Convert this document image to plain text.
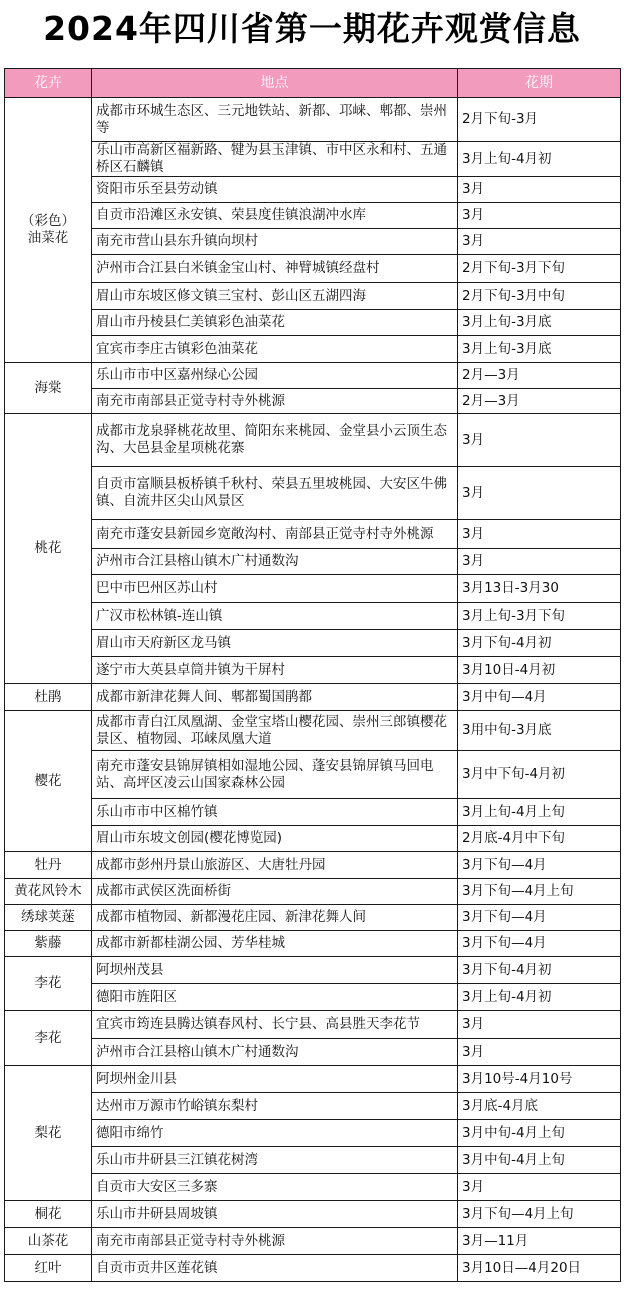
2024年四川省第一期花卉观赏信息
花卉	地点	花期
（彩色）
油菜花	成都市环城生态区、三元地铁站、新都、邛崃、郫都、崇州等	2月下旬-3月
	乐山市高新区福新路、犍为县玉津镇、市中区永和村、五通桥区石麟镇	3月上旬-4月初
	资阳市乐至县劳动镇	3月
	自贡市沿滩区永安镇、荣县度佳镇浪湖冲水库	3月
	南充市营山县东升镇向坝村	3月
	泸州市合江县白米镇金宝山村、神臂城镇经盘村	2月下旬-3月下旬
	眉山市东坡区修文镇三宝村、彭山区五湖四海	2月下旬-3月中旬
	眉山市丹棱县仁美镇彩色油菜花	3月上旬-3月底
	宜宾市李庄古镇彩色油菜花	3月上旬-3月底
海棠	乐山市市中区嘉州绿心公园	2月—3月
	南充市南部县正觉寺村寺外桃源	2月—3月
桃花	成都市龙泉驿桃花故里、简阳东来桃园、金堂县小云顶生态沟、大邑县金星项桃花寨	3月
	自贡市富顺县板桥镇千秋村、荣县五里坡桃园、大安区牛佛镇、自流井区尖山风景区	3月

	南充市蓬安县新园乡宽敞沟村、南部县正觉寺村寺外桃源	3月
	泸州市合江县榕山镇木广村通数沟	3月
	巴中市巴州区苏山村	3月13日-3月30
	广汉市松林镇-连山镇	3月上旬-3月下旬
	眉山市天府新区龙马镇	3月下旬-4月初
	遂宁市大英县卓筒井镇为干屏村	3月10日-4月初
杜鹃	成都市新津花舞人间、郫都蜀国鹃都	3月中旬—4月
樱花	成都市青白江凤凰湖、金堂宝塔山樱花园、崇州三郎镇樱花景区、植物园、邛崃凤凰大道	3用中旬-3月底
	南充市蓬安县锦屏镇相如湿地公园、蓬安县锦屏镇马回电站、高坪区凌云山国家森林公园	3月中下旬-4月初
	乐山市市中区棉竹镇	3月上旬-4月上旬
	眉山市东坡文创园(樱花博览园)	2月底-4月中下旬
牡丹	成都市彭州丹景山旅游区、大唐牡丹园	3月下旬—4月
黄花风铃木	成都市武侯区洗面桥街	3月下旬—4月上旬
绣球荚蒾	成都市植物园、新都漫花庄园、新津花舞人间	3月下旬—4月
紫藤	成都市新都桂湖公园、芳华桂城	3月下旬—4月
李花	阿坝州茂县	3月下旬-4月初
	德阳市旌阳区	3月上旬-4月初
李花	宜宾市筠连县腾达镇春风村、长宁县、高县胜天李花节	3月
	泸州市合江县榕山镇木广村通数沟	3月
梨花	阿坝州金川县	3月10号-4月10号
	达州市万源市竹峪镇东梨村	3月底-4月底
	德阳市绵竹	3月中旬-4月上旬
	乐山市井研县三江镇花树湾	3月中旬-4月上旬
	自贡市大安区三多寨	3月
桐花	乐山市井研县周坡镇	3月下旬—4月上旬
山茶花	南充市南部县正觉寺村寺外桃源	3月—11月
红叶	自贡市贡井区莲花镇	3月10日—4月20日
